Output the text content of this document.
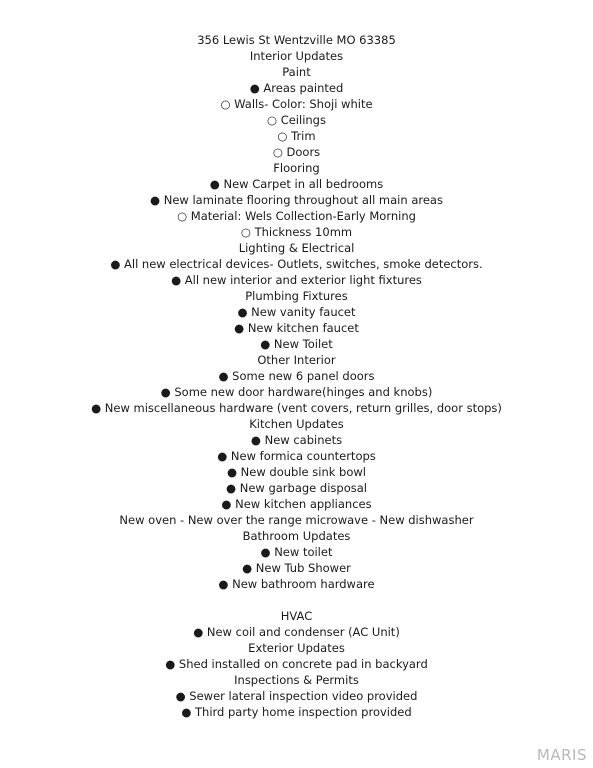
356 Lewis St Wentzville MO 63385
Interior Updates
Paint
● Areas painted
○ Walls- Color: Shoji white
○ Ceilings
○ Trim
○ Doors
Flooring
● New Carpet in all bedrooms
● New laminate flooring throughout all main areas
○ Material: Wels Collection-Early Morning
○ Thickness 10mm
Lighting & Electrical
● All new electrical devices- Outlets, switches, smoke detectors.
● All new interior and exterior light fixtures
Plumbing Fixtures
● New vanity faucet
● New kitchen faucet
● New Toilet
Other Interior
● Some new 6 panel doors
● Some new door hardware(hinges and knobs)
● New miscellaneous hardware (vent covers, return grilles, door stops)
Kitchen Updates
● New cabinets
● New formica countertops
● New double sink bowl
● New garbage disposal
● New kitchen appliances
New oven - New over the range microwave - New dishwasher
Bathroom Updates
● New toilet
● New Tub Shower
● New bathroom hardware
HVAC
● New coil and condenser (AC Unit)
Exterior Updates
● Shed installed on concrete pad in backyard
Inspections & Permits
● Sewer lateral inspection video provided
● Third party home inspection provided
MARIS
